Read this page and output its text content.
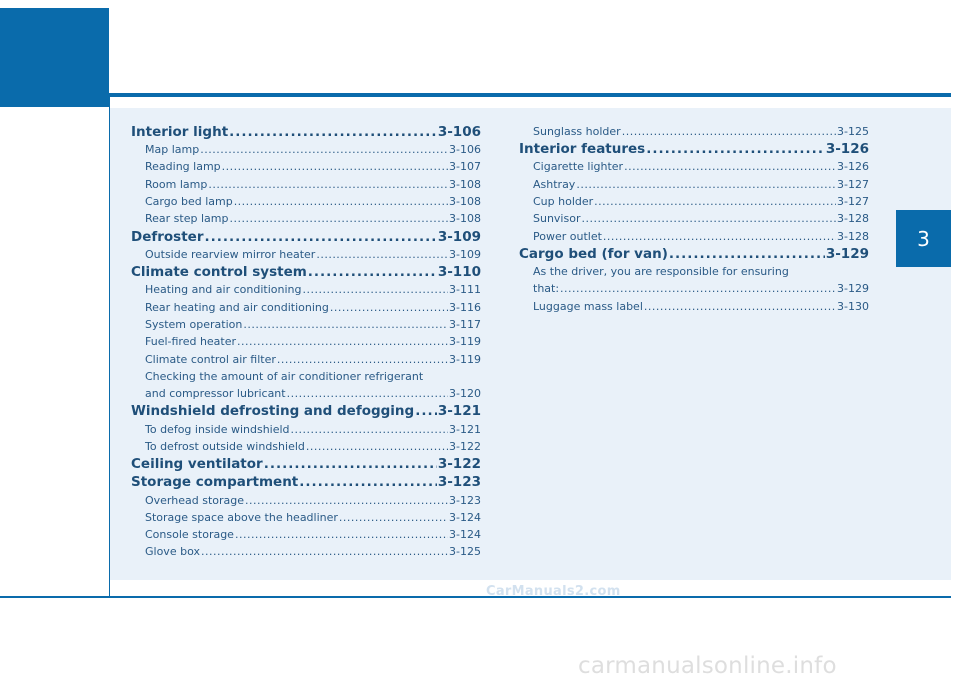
3
Interior light .....	3-106
Map lamp .....	3-106
Reading lamp .....	3-107
Room lamp .....	3-108
Cargo bed lamp .....	3-108
Rear step lamp .....	3-108
Defroster .....	3-109
Outside rearview mirror heater .....	3-109
Climate control system .....	3-110
Heating and air conditioning .....	3-111
Rear heating and air conditioning .....	3-116
System operation .....	3-117
Fuel-fired heater .....	3-119
Climate control air filter .....	3-119
Checking the amount of air conditioner refrigerant
and compressor lubricant .....	3-120
Windshield defrosting and defogging ..... 3-121
To defog inside windshield .....	3-121
To defrost outside windshield .....	3-122
Ceiling ventilator .....	3-122
Storage compartment .....	3-123
Overhead storage .....	3-123
Storage space above the headliner .....	3-124
Console storage .....	3-124
Glove box .....	3-125
Sunglass holder .....	3-125
Interior features .....	3-126
Cigarette lighter .....	3-126
Ashtray .....	3-127
Cup holder .....	3-127
Sunvisor .....	3-128
Power outlet .....	3-128
Cargo bed (for van) .....	3-129
As the driver, you are responsible for ensuring
that: .....	3-129
Luggage mass label .....	3-130
CarManuals2.com
carmanualsonline.info
